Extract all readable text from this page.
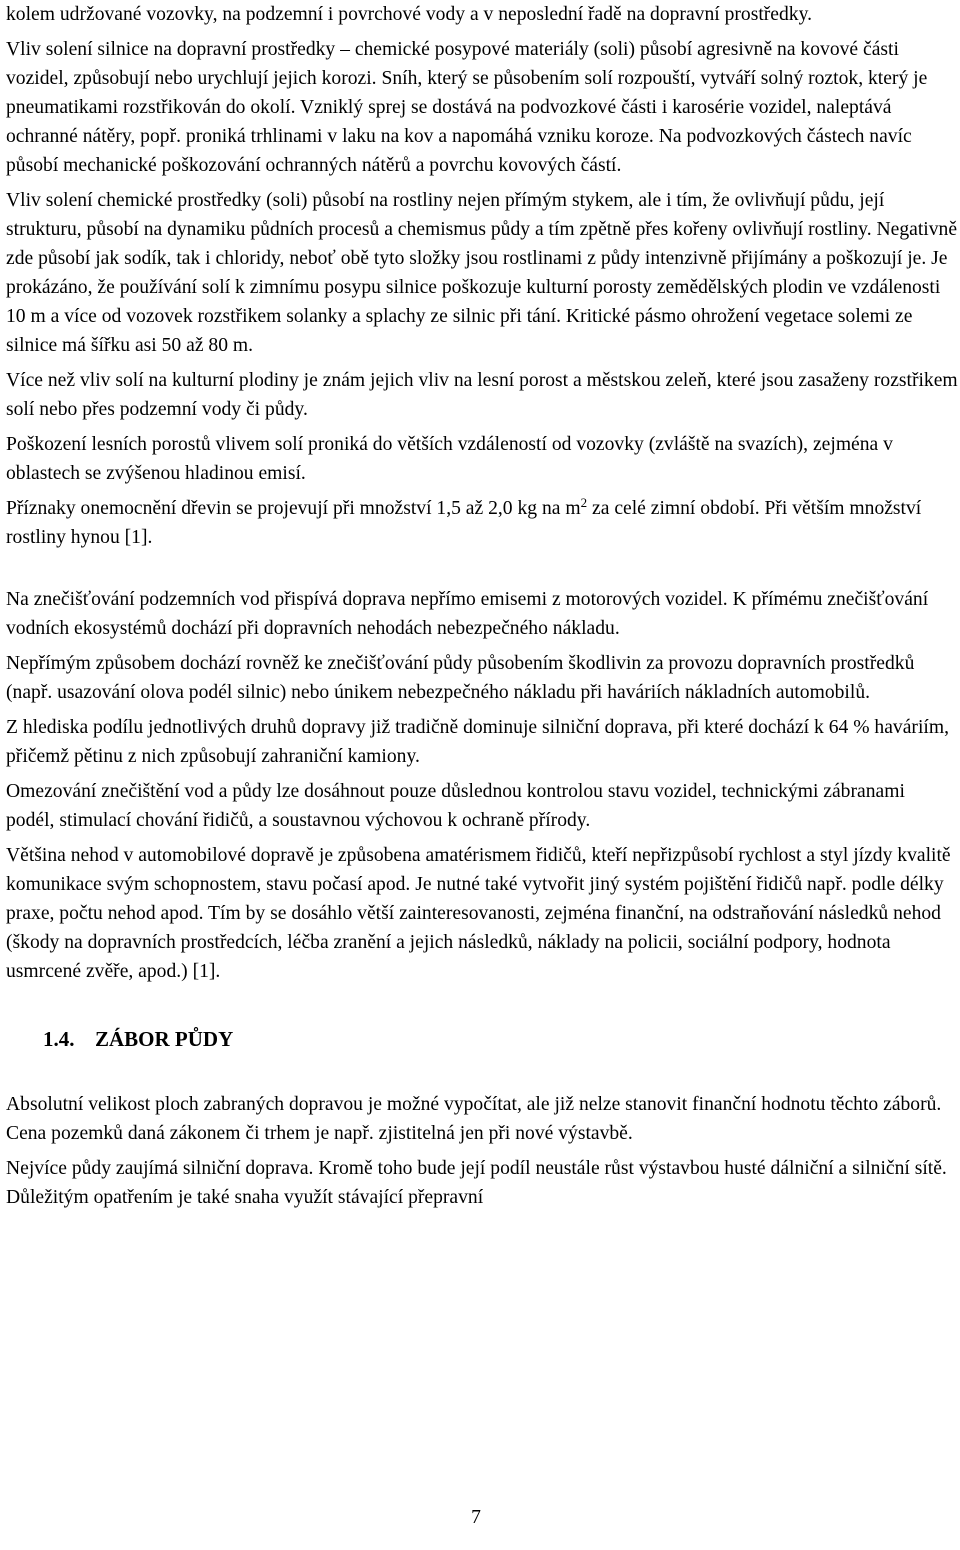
kolem udržované vozovky, na podzemní i povrchové vody a v neposlední řadě na dopravní prostředky.

Vliv solení silnice na dopravní prostředky – chemické posypové materiály (soli) působí agresivně na kovové části vozidel, způsobují nebo urychlují jejich korozi. Sníh, který se působením solí rozpouští, vytváří solný roztok, který je pneumatikami rozstřikován do okolí. Vzniklý sprej se dostává na podvozkové části i karosérie vozidel, naleptává ochranné nátěry, popř. proniká trhlinami v laku na kov a napomáhá vzniku koroze. Na podvozkových částech navíc působí mechanické poškozování ochranných nátěrů a povrchu kovových částí.

Vliv solení chemické prostředky (soli) působí na rostliny nejen přímým stykem, ale i tím, že ovlivňují půdu, její strukturu, působí na dynamiku půdních procesů a chemismus půdy a tím zpětně přes kořeny ovlivňují rostliny. Negativně zde působí jak sodík, tak i chloridy, neboť obě tyto složky jsou rostlinami z půdy intenzivně přijímány a poškozují je. Je prokázáno, že používání solí k zimnímu posypu silnice poškozuje kulturní porosty zemědělských plodin ve vzdálenosti 10 m a více od vozovek rozstřikem solanky a splachy ze silnic při tání. Kritické pásmo ohrožení vegetace solemi ze silnice má šířku asi 50 až 80 m.

Více než vliv solí na kulturní plodiny je znám jejich vliv na lesní porost a městskou zeleň, které jsou zasaženy rozstřikem solí nebo přes podzemní vody či půdy.

Poškození lesních porostů vlivem solí proniká do větších vzdáleností od vozovky (zvláště na svazích), zejména v oblastech se zvýšenou hladinou emisí.

Příznaky onemocnění dřevin se projevují při množství 1,5 až 2,0 kg na $m^2$ za celé zimní období. Při větším množství rostliny hynou [1].

Na znečišťování podzemních vod přispívá doprava nepřímo emisemi z motorových vozidel. K přímému znečišťování vodních ekosystémů dochází při dopravních nehodách nebezpečného nákladu.

Nepřímým způsobem dochází rovněž ke znečišťování půdy působením škodlivin za provozu dopravních prostředků (např. usazování olova podél silnic) nebo únikem nebezpečného nákladu při haváriích nákladních automobilů.

Z hlediska podílu jednotlivých druhů dopravy již tradičně dominuje silniční doprava, při které dochází k 64 % haváriím, přičemž pětinu z nich způsobují zahraniční kamiony.

Omezování znečištění vod a půdy lze dosáhnout pouze důslednou kontrolou stavu vozidel, technickými zábranami podél, stimulací chování řidičů, a soustavnou výchovou k ochraně přírody.

Většina nehod v automobilové dopravě je způsobena amatérismem řidičů, kteří nepřizpůsobí rychlost a styl jízdy kvalitě komunikace svým schopnostem, stavu počasí apod. Je nutné také vytvořit jiný systém pojištění řidičů např. podle délky praxe, počtu nehod apod. Tím by se dosáhlo větší zainteresovanosti, zejména finanční, na odstraňování následků nehod (škody na dopravních prostředcích, léčba zranění a jejich následků, náklady na policii, sociální podpory, hodnota usmrcené zvěře, apod.) [1].

1.4. ZÁBOR PŮDY

Absolutní velikost ploch zabraných dopravou je možné vypočítat, ale již nelze stanovit finanční hodnotu těchto záborů. Cena pozemků daná zákonem či trhem je např. zjistitelná jen při nové výstavbě.

Nejvíce půdy zaujímá silniční doprava. Kromě toho bude její podíl neustále růst výstavbou husté dálniční a silniční sítě. Důležitým opatřením je také snaha využít stávající přepravní

7
